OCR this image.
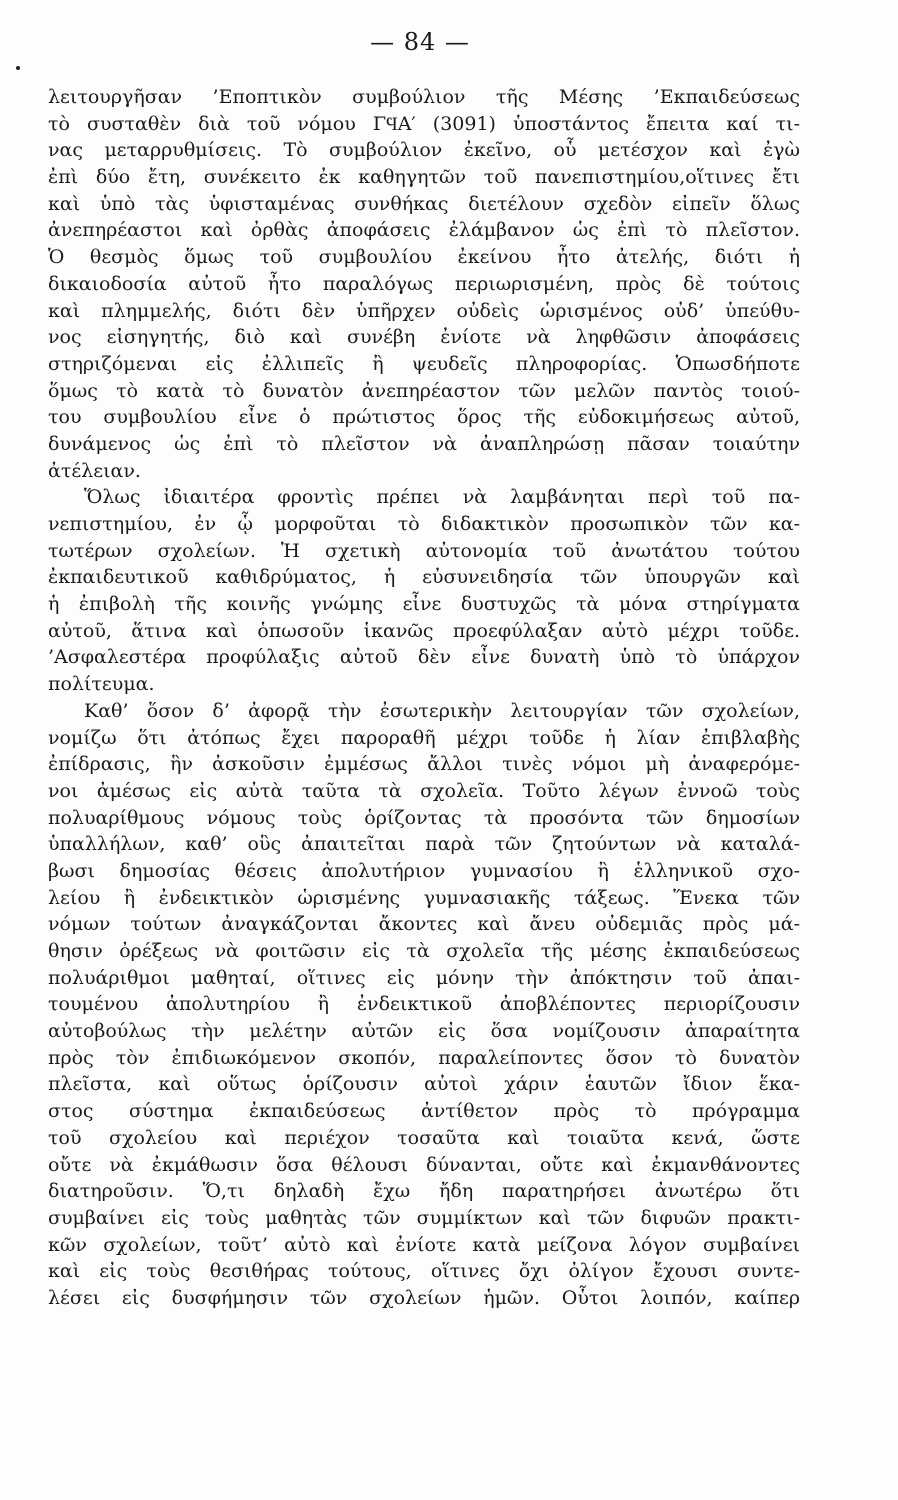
— 84 —
λειτουργῆσαν ’Εποπτικὸν συμβούλιον τῆς Μέσης ’Εκπαιδεύσεως
τὸ συσταθὲν διὰ τοῦ νόμου ΓϤΑ′ (3091) ὑποστάντος ἔπειτα καί τι-
νας μεταρρυθμίσεις. Τὸ συμβούλιον ἐκεῖνο, οὗ μετέσχον καὶ ἐγὼ
ἐπὶ δύο ἔτη, συνέκειτο ἐκ καθηγητῶν τοῦ πανεπιστημίου,οἵτινες ἔτι
καὶ ὑπὸ τὰς ὑφισταμένας συνθήκας διετέλουν σχεδὸν εἰπεῖν ὅλως
ἀνεπηρέαστοι καὶ ὀρθὰς ἀποφάσεις ἐλάμβανον ὡς ἐπὶ τὸ πλεῖστον.
Ὁ θεσμὸς ὅμως τοῦ συμβουλίου ἐκείνου ἦτο ἀτελής, διότι ἡ
δικαιοδοσία αὐτοῦ ἦτο παραλόγως περιωρισμένη, πρὸς δὲ τούτοις
καὶ πλημμελής, διότι δὲν ὑπῆρχεν οὐδεὶς ὡρισμένος οὐδ’ ὑπεύθυ-
νος εἰσηγητής, διὸ καὶ συνέβη ἐνίοτε νὰ ληφθῶσιν ἀποφάσεις
στηριζόμεναι εἰς ἐλλιπεῖς ἢ ψευδεῖς πληροφορίας. Ὁπωσδήποτε
ὅμως τὸ κατὰ τὸ δυνατὸν ἀνεπηρέαστον τῶν μελῶν παντὸς τοιού-
του συμβουλίου εἶνε ὁ πρώτιστος ὅρος τῆς εὐδοκιμήσεως αὐτοῦ,
δυνάμενος ὡς ἐπὶ τὸ πλεῖστον νὰ ἀναπληρώσῃ πᾶσαν τοιαύτην
ἀτέλειαν.
Ὅλως ἰδιαιτέρα φροντὶς πρέπει νὰ λαμβάνηται περὶ τοῦ πα-
νεπιστημίου, ἐν ᾧ μορφοῦται τὸ διδακτικὸν προσωπικὸν τῶν κα-
τωτέρων σχολείων. Ἡ σχετικὴ αὐτονομία τοῦ ἀνωτάτου τούτου
ἐκπαιδευτικοῦ καθιδρύματος, ἡ εὐσυνειδησία τῶν ὑπουργῶν καὶ
ἡ ἐπιβολὴ τῆς κοινῆς γνώμης εἶνε δυστυχῶς τὰ μόνα στηρίγματα
αὐτοῦ, ἅτινα καὶ ὁπωσοῦν ἱκανῶς προεφύλαξαν αὐτὸ μέχρι τοῦδε.
’Ασφαλεστέρα προφύλαξις αὐτοῦ δὲν εἶνε δυνατὴ ὑπὸ τὸ ὑπάρχον
πολίτευμα.
Καθ’ ὅσον δ’ ἀφορᾷ τὴν ἐσωτερικὴν λειτουργίαν τῶν σχολείων,
νομίζω ὅτι ἀτόπως ἔχει παροραθῆ μέχρι τοῦδε ἡ λίαν ἐπιβλαβὴς
ἐπίδρασις, ἣν ἀσκοῦσιν ἐμμέσως ἄλλοι τινὲς νόμοι μὴ ἀναφερόμε-
νοι ἀμέσως εἰς αὐτὰ ταῦτα τὰ σχολεῖα. Τοῦτο λέγων ἐννοῶ τοὺς
πολυαρίθμους νόμους τοὺς ὁρίζοντας τὰ προσόντα τῶν δημοσίων
ὑπαλλήλων, καθ’ οὓς ἀπαιτεῖται παρὰ τῶν ζητούντων νὰ καταλά-
βωσι δημοσίας θέσεις ἀπολυτήριον γυμνασίου ἢ ἑλληνικοῦ σχο-
λείου ἢ ἐνδεικτικὸν ὡρισμένης γυμνασιακῆς τάξεως. Ἕνεκα τῶν
νόμων τούτων ἀναγκάζονται ἄκοντες καὶ ἄνευ οὐδεμιᾶς πρὸς μά-
θησιν ὀρέξεως νὰ φοιτῶσιν εἰς τὰ σχολεῖα τῆς μέσης ἐκπαιδεύσεως
πολυάριθμοι μαθηταί, οἵτινες εἰς μόνην τὴν ἀπόκτησιν τοῦ ἀπαι-
τουμένου ἀπολυτηρίου ἢ ἐνδεικτικοῦ ἀποβλέποντες περιορίζουσιν
αὐτοβούλως τὴν μελέτην αὐτῶν εἰς ὅσα νομίζουσιν ἀπαραίτητα
πρὸς τὸν ἐπιδιωκόμενον σκοπόν, παραλείποντες ὅσον τὸ δυνατὸν
πλεῖστα, καὶ οὕτως ὁρίζουσιν αὐτοὶ χάριν ἑαυτῶν ἴδιον ἕκα-
στος σύστημα ἐκπαιδεύσεως ἀντίθετον πρὸς τὸ πρόγραμμα
τοῦ σχολείου καὶ περιέχον τοσαῦτα καὶ τοιαῦτα κενά, ὥστε
οὔτε νὰ ἐκμάθωσιν ὅσα θέλουσι δύνανται, οὔτε καὶ ἐκμανθάνοντες
διατηροῦσιν. Ὅ,τι δηλαδὴ ἔχω ἤδη παρατηρήσει ἀνωτέρω ὅτι
συμβαίνει εἰς τοὺς μαθητὰς τῶν συμμίκτων καὶ τῶν διφυῶν πρακτι-
κῶν σχολείων, τοῦτ’ αὐτὸ καὶ ἐνίοτε κατὰ μείζονα λόγον συμβαίνει
καὶ εἰς τοὺς θεσιθήρας τούτους, οἵτινες ὄχι ὀλίγον ἔχουσι συντε-
λέσει εἰς δυσφήμησιν τῶν σχολείων ἡμῶν. Οὗτοι λοιπόν, καίπερ
